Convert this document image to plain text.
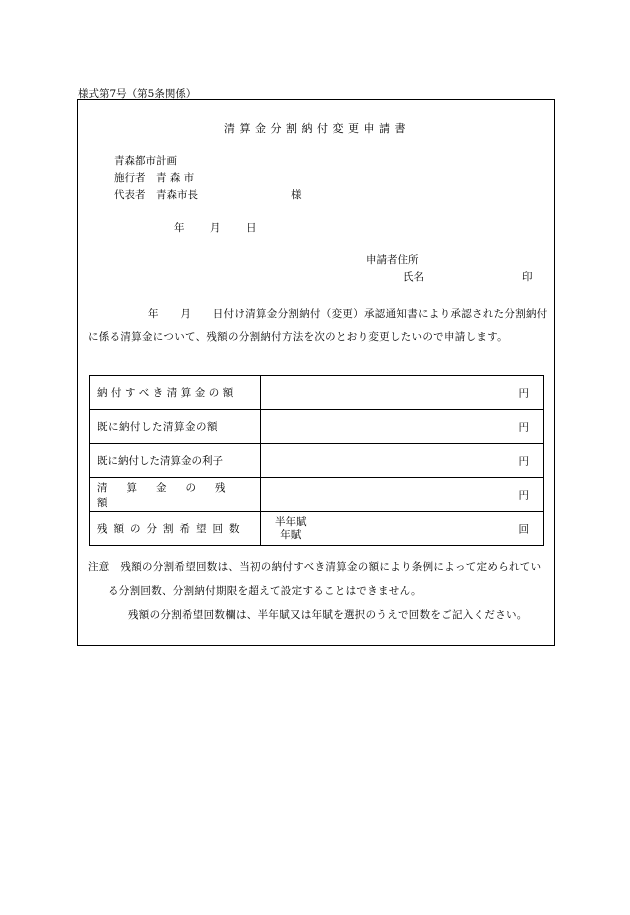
様式第7号（第5条関係）
清算金分割納付変更申請書
青森都市計画
施行者　青 森 市
代表者　青森市長	様
年 月 日
申請者住所
氏名	印
年　　月　　日付け清算金分割納付（変更）承認通知書により承認された分割納付に係る清算金について、残額の分割納付方法を次のとおり変更したいので申請します。
納付すべき清算金の額	円

既に納付した清算金の額	円

既に納付した清算金の利子	円

清算金の残額	円

残額の分割希望回数	半年賦
年賦 回
注意　残額の分割希望回数は、当初の納付すべき清算金の額により条例によって定められている分割回数、分割納付期限を超えて設定することはできません。
残額の分割希望回数欄は、半年賦又は年賦を選択のうえで回数をご記入ください。
